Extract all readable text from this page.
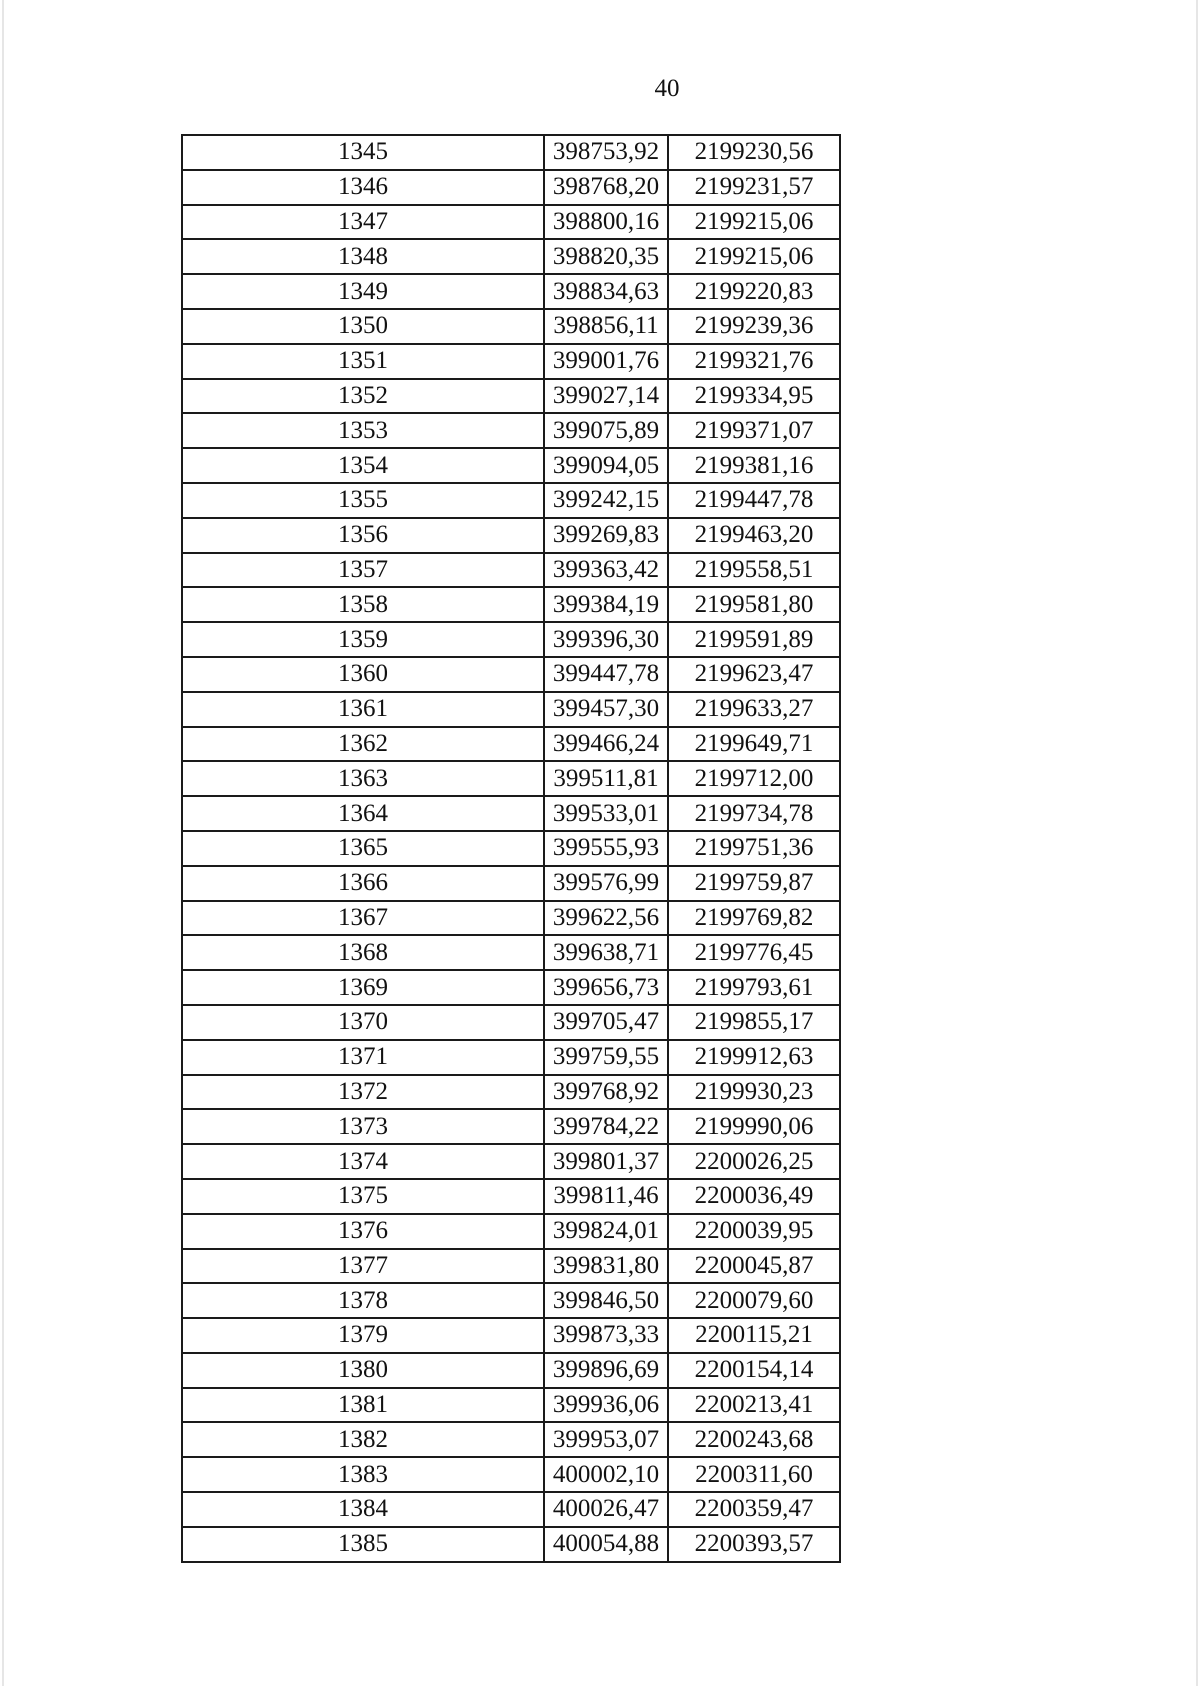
40
1345	398753,92	2199230,56
1346	398768,20	2199231,57
1347	398800,16	2199215,06
1348	398820,35	2199215,06
1349	398834,63	2199220,83
1350	398856,11	2199239,36
1351	399001,76	2199321,76
1352	399027,14	2199334,95
1353	399075,89	2199371,07
1354	399094,05	2199381,16
1355	399242,15	2199447,78
1356	399269,83	2199463,20
1357	399363,42	2199558,51
1358	399384,19	2199581,80
1359	399396,30	2199591,89
1360	399447,78	2199623,47
1361	399457,30	2199633,27
1362	399466,24	2199649,71
1363	399511,81	2199712,00
1364	399533,01	2199734,78
1365	399555,93	2199751,36
1366	399576,99	2199759,87
1367	399622,56	2199769,82
1368	399638,71	2199776,45
1369	399656,73	2199793,61
1370	399705,47	2199855,17
1371	399759,55	2199912,63
1372	399768,92	2199930,23
1373	399784,22	2199990,06
1374	399801,37	2200026,25
1375	399811,46	2200036,49
1376	399824,01	2200039,95
1377	399831,80	2200045,87
1378	399846,50	2200079,60
1379	399873,33	2200115,21
1380	399896,69	2200154,14
1381	399936,06	2200213,41
1382	399953,07	2200243,68
1383	400002,10	2200311,60
1384	400026,47	2200359,47
1385	400054,88	2200393,57
